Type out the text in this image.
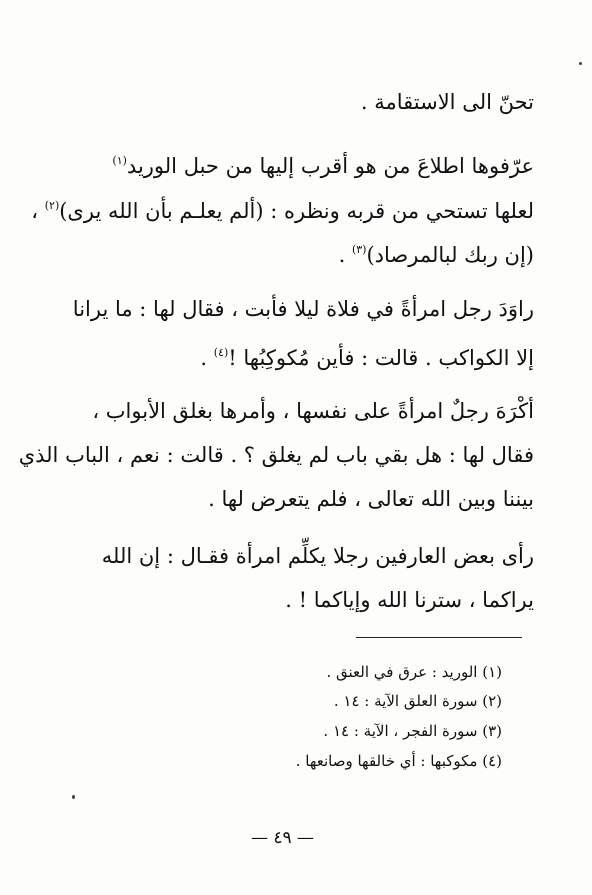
تحنّ الى الاستقامة .
عرّفوها اطلاعَ من هو أقرب إليها من حبل الوريد$^{(١)}$
لعلها تستحي من قربه ونظره : (ألم يعلـم بأن الله يرى)$^{(٢)}$ ،
(إن ربك لبالمرصاد)$^{(٣)}$ .
راوَدَ رجل امرأةً في فلاة ليلا فأبت ، فقال لها : ما يرانا
إلا الكواكب . قالت : فأين مُكوكِبُها !$^{(٤)}$ .
أكْرَهَ رجلٌ امرأةً على نفسها ، وأمرها بغلق الأبواب ،
فقال لها : هل بقي باب لم يغلق ؟ . قالت : نعم ، الباب الذي
بيننا وبين الله تعالى ، فلم يتعرض لها .
رأى بعض العارفين رجلا يكلِّم امرأة فقـال : إن الله
يراكما ، سترنا الله وإياكما ! .
(١) الوريد : عرق في العنق .
(٢) سورة العلق الآية : ١٤ .
(٣) سورة الفجر ، الآية : ١٤ .
(٤) مكوكبها : أي خالقها وصانعها .
— ٤٩ —
